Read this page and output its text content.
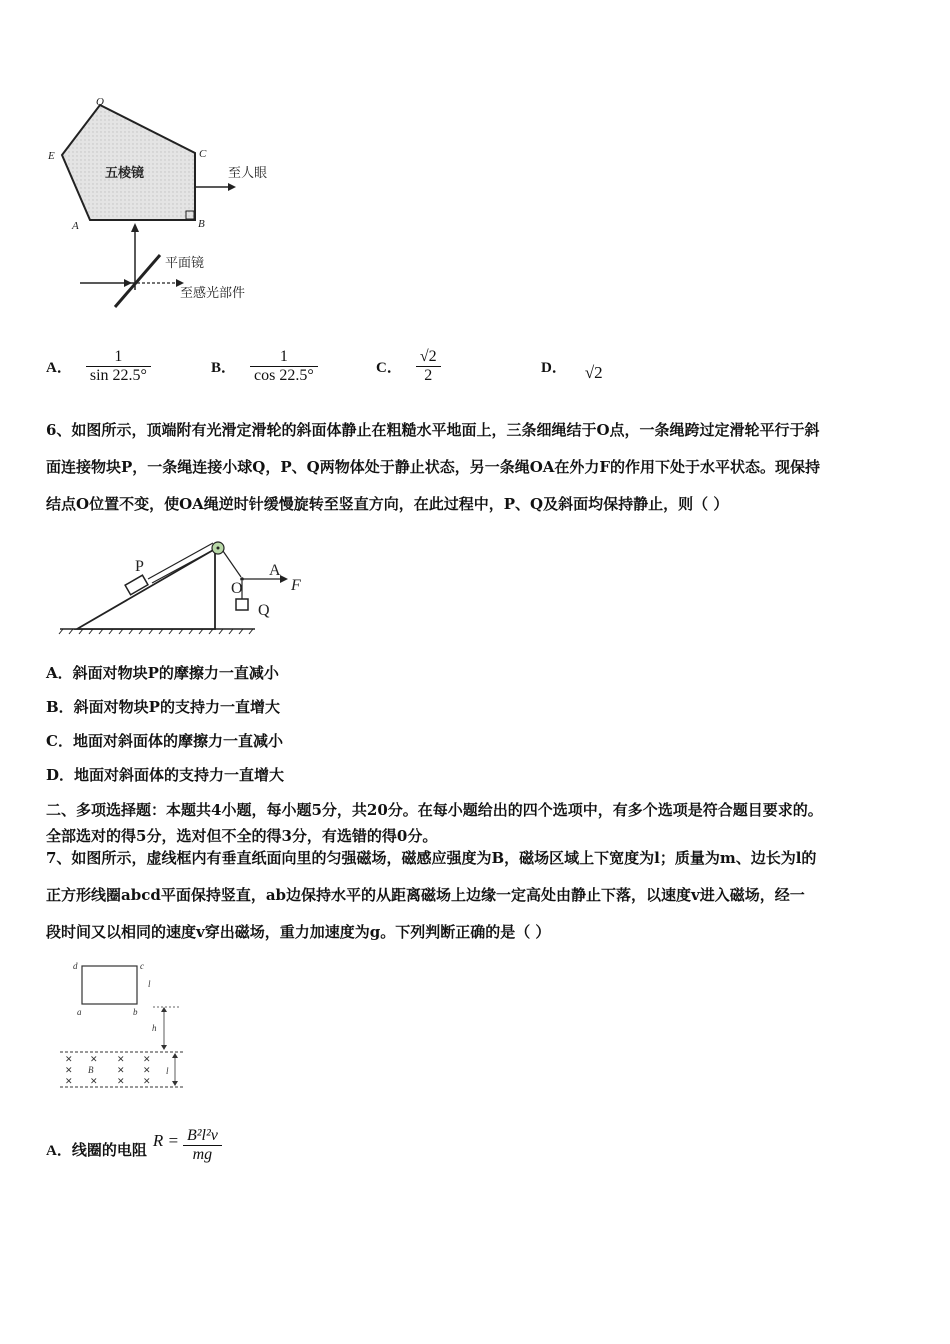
O
E	C
A	B
五棱镜	至人眼
平面镜
至感光部件
A． $\frac{1}{\sin 22.5^\circ}$	B． $\frac{1}{\cos 22.5^\circ}$	C． $\frac{√2}{2}$	D． √2
6、如图所示，顶端附有光滑定滑轮的斜面体静止在粗糙水平地面上，三条细绳结于O点，一条绳跨过定滑轮平行于斜
面连接物块P，一条绳连接小球Q，P、Q两物体处于静止状态，另一条绳OA在外力F的作用下处于水平状态。现保持
结点O位置不变，使OA绳逆时针缓慢旋转至竖直方向，在此过程中，P、Q及斜面均保持静止，则（ ）
P
O
A
F
Q
A．斜面对物块P的摩擦力一直减小
B．斜面对物块P的支持力一直增大
C．地面对斜面体的摩擦力一直减小
D．地面对斜面体的支持力一直增大
二、多项选择题：本题共4小题，每小题5分，共20分。在每小题给出的四个选项中，有多个选项是符合题目要求的。
全部选对的得5分，选对但不全的得3分，有选错的得0分。
7、如图所示，虚线框内有垂直纸面向里的匀强磁场，磁感应强度为B，磁场区域上下宽度为l；质量为m、边长为l的
正方形线圈abcd平面保持竖直，ab边保持水平的从距离磁场上边缘一定高处由静止下落，以速度v进入磁场，经一
段时间又以相同的速度v穿出磁场，重力加速度为g。下列判断正确的是（ ）
d	c
a	b
l
h
✕ ✕ ✕ ✕
✕	✕ ✕
✕ ✕ ✕ ✕
B	l
A．线圈的电阻
$R = \frac{\text{B²l²v}}{mg}$
